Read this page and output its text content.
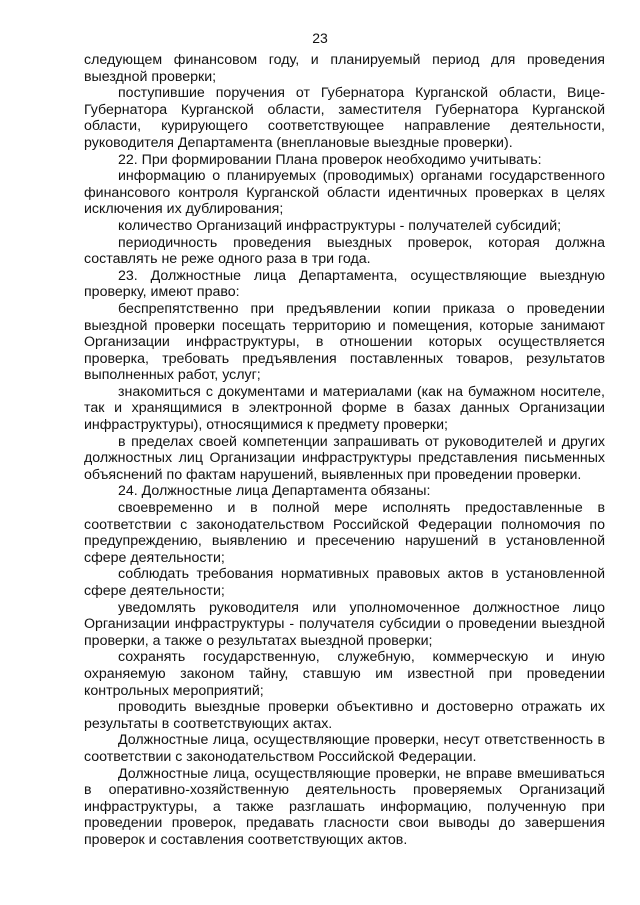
23

следующем финансовом году, и планируемый период для проведения выездной проверки;

поступившие поручения от Губернатора Курганской области, Вице-Губернатора Курганской области, заместителя Губернатора Курганской области, курирующего соответствующее направление деятельности, руководителя Департамента (внеплановые выездные проверки).

22. При формировании Плана проверок необходимо учитывать:

информацию о планируемых (проводимых) органами государственного финансового контроля Курганской области идентичных проверках в целях исключения их дублирования;

количество Организаций инфраструктуры - получателей субсидий;

периодичность проведения выездных проверок, которая должна составлять не реже одного раза в три года.

23. Должностные лица Департамента, осуществляющие выездную проверку, имеют право:

беспрепятственно при предъявлении копии приказа о проведении выездной проверки посещать территорию и помещения, которые занимают Организации инфраструктуры, в отношении которых осуществляется проверка, требовать предъявления поставленных товаров, результатов выполненных работ, услуг;

знакомиться с документами и материалами (как на бумажном носителе, так и хранящимися в электронной форме в базах данных Организации инфраструктуры), относящимися к предмету проверки;

в пределах своей компетенции запрашивать от руководителей и других должностных лиц Организации инфраструктуры представления письменных объяснений по фактам нарушений, выявленных при проведении проверки.

24. Должностные лица Департамента обязаны:

своевременно и в полной мере исполнять предоставленные в соответствии с законодательством Российской Федерации полномочия по предупреждению, выявлению и пресечению нарушений в установленной сфере деятельности;

соблюдать требования нормативных правовых актов в установленной сфере деятельности;

уведомлять руководителя или уполномоченное должностное лицо Организации инфраструктуры - получателя субсидии о проведении выездной проверки, а также о результатах выездной проверки;

сохранять государственную, служебную, коммерческую и иную охраняемую законом тайну, ставшую им известной при проведении контрольных мероприятий;

проводить выездные проверки объективно и достоверно отражать их результаты в соответствующих актах.

Должностные лица, осуществляющие проверки, несут ответственность в соответствии с законодательством Российской Федерации.

Должностные лица, осуществляющие проверки, не вправе вмешиваться в оперативно-хозяйственную деятельность проверяемых Организаций инфраструктуры, а также разглашать информацию, полученную при проведении проверок, предавать гласности свои выводы до завершения проверок и составления соответствующих актов.
